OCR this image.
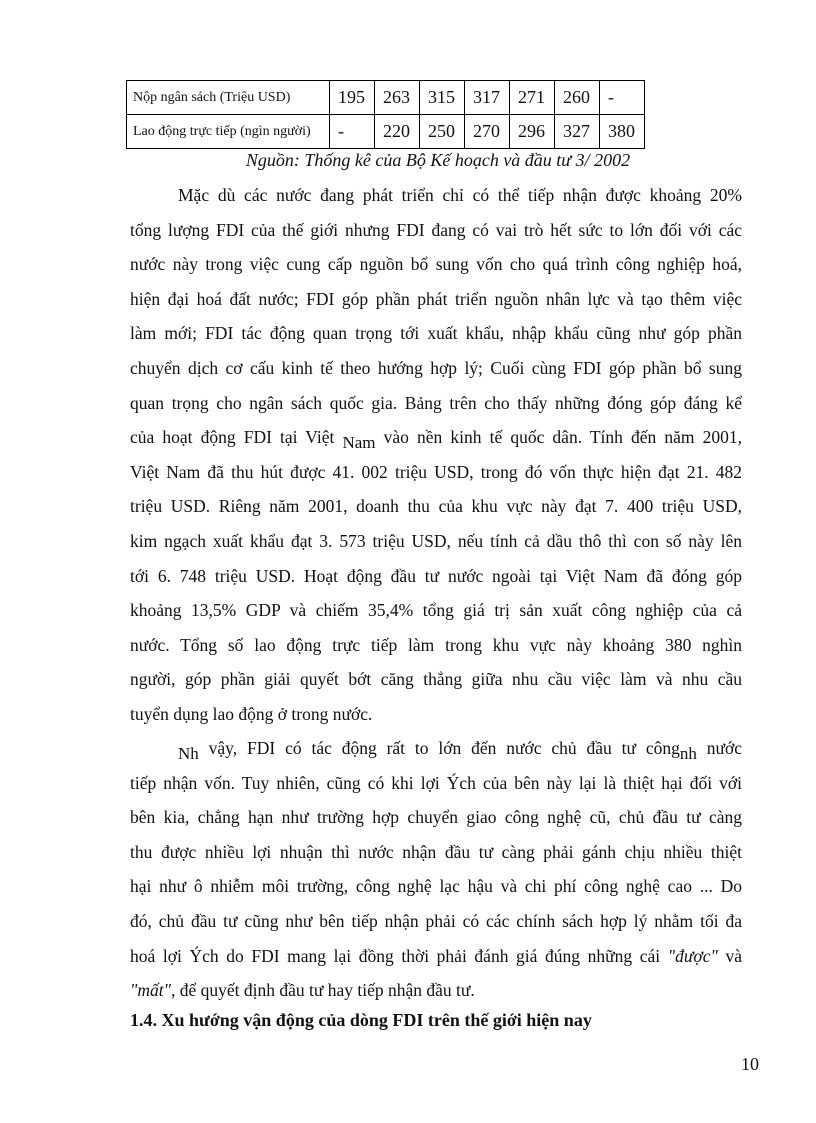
Nộp ngân sách (Triệu USD)	195	263	315	317	271	260	-
Lao động trực tiếp (ngìn người)	-	220	250	270	296	327	380
Nguồn: Thống kê của Bộ Kế hoạch và đầu tư 3/ 2002
Mặc dù các nước đang phát triển chỉ có thể tiếp nhận được khoảng 20%
tổng lượng FDI của thế giới nhưng FDI đang có vai trò hết sức to lớn đối với các
nước này trong việc cung cấp nguồn bổ sung vốn cho quá trình công nghiệp hoá,
hiện đại hoá đất nước; FDI góp phần phát triển nguồn nhân lực và tạo thêm việc
làm mới; FDI tác động quan trọng tới xuất khẩu, nhập khẩu cũng như góp phần
chuyển dịch cơ cấu kinh tế theo hướng hợp lý; Cuối cùng FDI góp phần bổ sung
quan trọng cho ngân sách quốc gia. Bảng trên cho thấy những đóng góp đáng kể
của hoạt động FDI tại Việt Nam vào nền kinh tế quốc dân. Tính đến năm 2001,
Việt Nam đã thu hút được 41. 002 triệu USD, trong đó vốn thực hiện đạt 21. 482
triệu USD. Riêng năm 2001, doanh thu của khu vực này đạt 7. 400 triệu USD,
kim ngạch xuất khẩu đạt 3. 573 triệu USD, nếu tính cả dầu thô thì con số này lên
tới 6. 748 triệu USD. Hoạt động đầu tư nước ngoài tại Việt Nam đã đóng góp
khoảng 13,5% GDP và chiếm 35,4% tổng giá trị sản xuất công nghiệp của cả
nước. Tổng số lao động trực tiếp làm trong khu vực này khoảng 380 nghìn
người, góp phần giải quyết bớt căng thẳng giữa nhu cầu việc làm và nhu cầu
tuyển dụng lao động ở trong nước.
Nh vậy, FDI có tác động rất to lớn đến nước chủ đầu tư côngnh nước
tiếp nhận vốn. Tuy nhiên, cũng có khi lợi Ých của bên này lại là thiệt hại đối với
bên kia, chẳng hạn như trường hợp chuyển giao công nghệ cũ, chủ đầu tư càng
thu được nhiều lợi nhuận thì nước nhận đầu tư càng phải gánh chịu nhiều thiệt
hại như ô nhiễm môi trường, công nghệ lạc hậu và chi phí công nghệ cao ... Do
đó, chủ đầu tư cũng như bên tiếp nhận phải có các chính sách hợp lý nhằm tối đa
hoá lợi Ých do FDI mang lại đồng thời phải đánh giá đúng những cái "được" và
"mất", để quyết định đầu tư hay tiếp nhận đầu tư.
1.4. Xu hướng vận động của dòng FDI trên thế giới hiện nay
10
